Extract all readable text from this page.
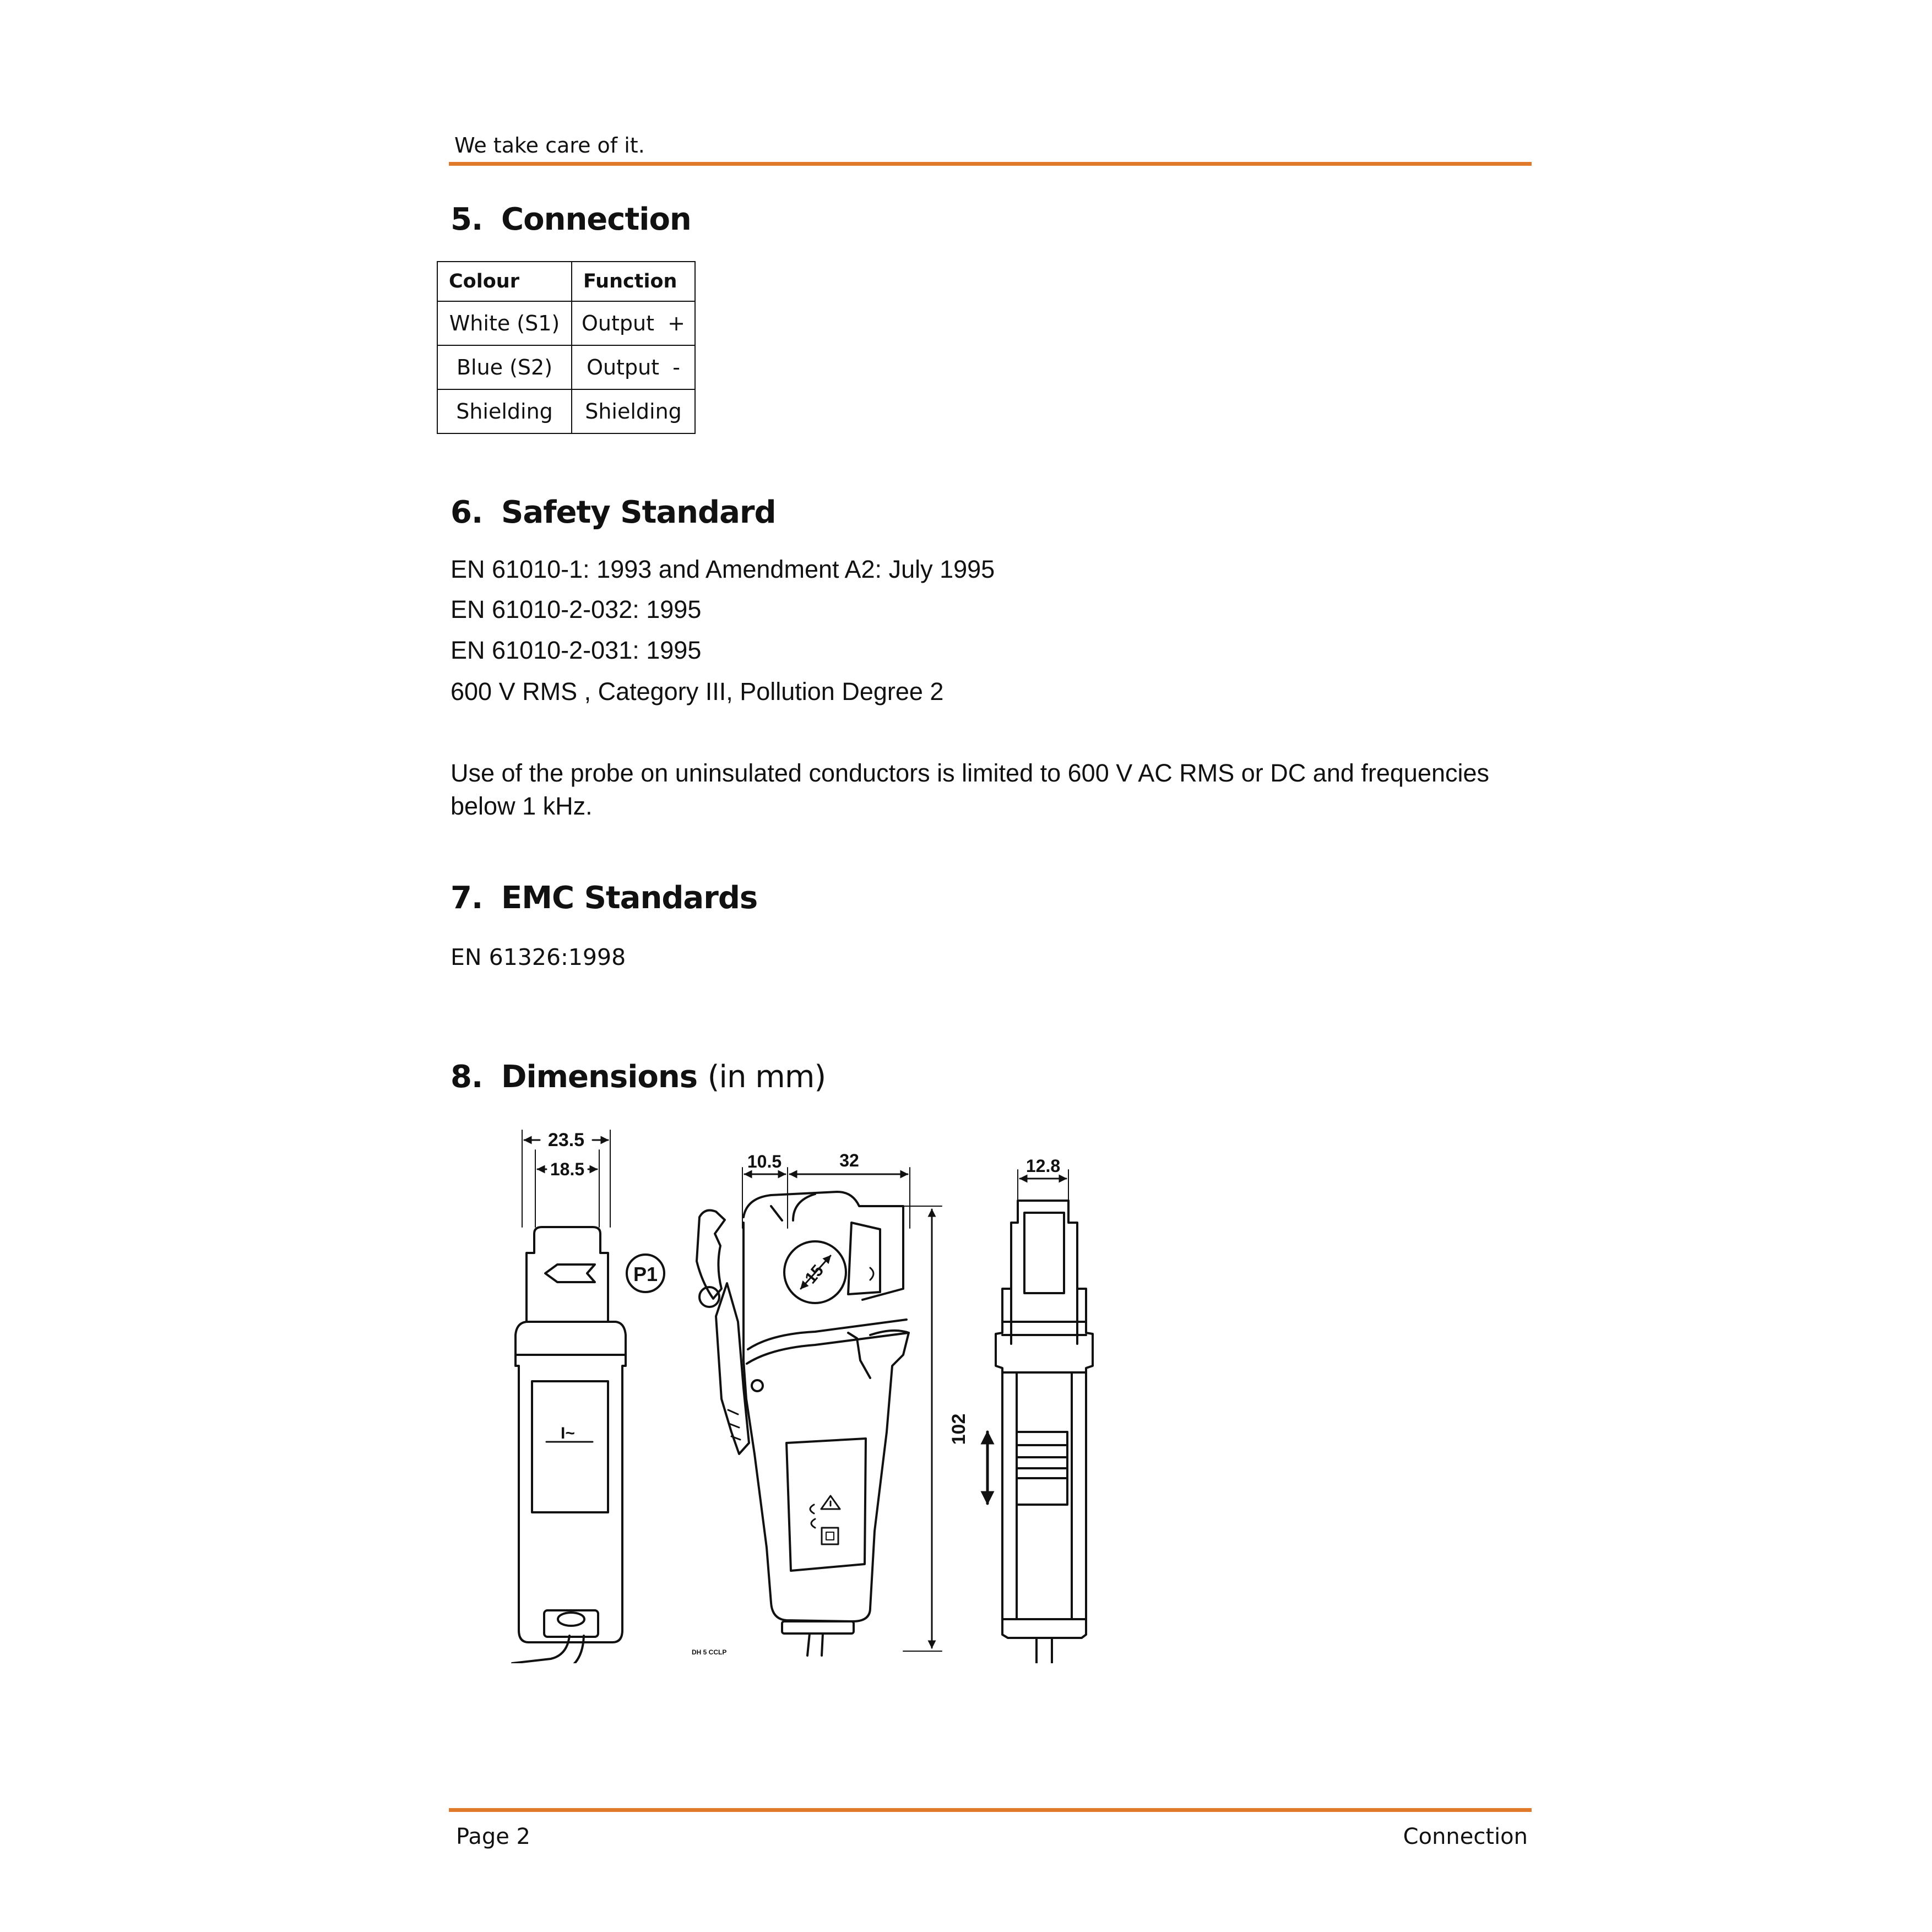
We take care of it.
5. Connection
Colour	Function
White (S1)	Output  +
Blue (S2)	Output  -
Shielding	Shielding
6. Safety Standard
EN 61010-1: 1993 and Amendment A2: July 1995
EN 61010-2-032: 1995
EN 61010-2-031: 1995
600 V RMS , Category III, Pollution Degree 2
Use of the probe on uninsulated conductors is limited to 600 V AC RMS or DC and frequencies below 1 kHz.
7. EMC Standards
EN 61326:1998
8. Dimensions (in mm)
23.5
18.5
I~
P1
10.5	32
102
15
DH 5 CCLP
12.8
Page 2	Connection
